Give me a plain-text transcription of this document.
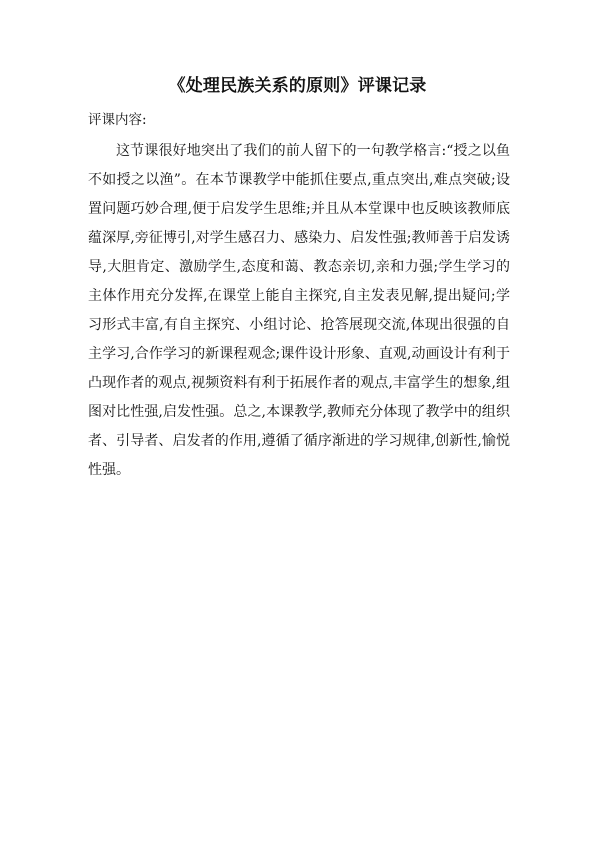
《处理民族关系的原则》评课记录
评课内容:

这节课很好地突出了我们的前人留下的一句教学格言:“授之以鱼不如授之以渔”。在本节课教学中能抓住要点,重点突出,难点突破;设置问题巧妙合理,便于启发学生思维;并且从本堂课中也反映该教师底蕴深厚,旁征博引,对学生感召力、感染力、启发性强;教师善于启发诱导,大胆肯定、激励学生,态度和蔼、教态亲切,亲和力强;学生学习的主体作用充分发挥,在课堂上能自主探究,自主发表见解,提出疑问;学习形式丰富,有自主探究、小组讨论、抢答展现交流,体现出很强的自主学习,合作学习的新课程观念;课件设计形象、直观,动画设计有利于凸现作者的观点,视频资料有利于拓展作者的观点,丰富学生的想象,组图对比性强,启发性强。总之,本课教学,教师充分体现了教学中的组织者、引导者、启发者的作用,遵循了循序渐进的学习规律,创新性,愉悦性强。
